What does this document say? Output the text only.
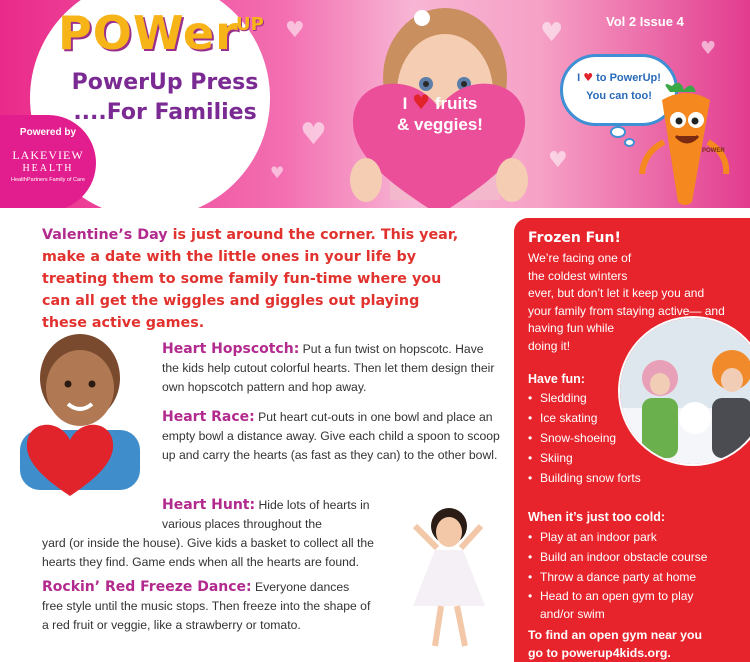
♥
♥
♥
♥
♥
♥
POWer
UP
PowerUp Press
....For Families
Powered by
LAKEVIEW
HEALTH
HealthPartners Family of Care
I ♥ fruits
& veggies!
Vol 2 Issue 4
I ♥ to PowerUp!
You can too!
POWER
Valentine’s Day is just around the corner. This year, make a date with the little ones in your life by treating them to some family fun-time where you can all get the wiggles and giggles out playing these active games.
Heart Hopscotch: Put a fun twist on hopscotc. Have the kids help cutout colorful hearts. Then let them design their own hopscotch pattern and hop away.
Heart Race: Put heart cut-outs in one bowl and place an empty bowl a distance away. Give each child a spoon to scoop up and carry the hearts (as fast as they can) to the other bowl.
Heart Hunt: Hide lots of hearts in various places throughout the
yard (or inside the house). Give kids a basket to collect all the hearts they find. Game ends when all the hearts are found.
Rockin’ Red Freeze Dance: Everyone dances free style until the music stops. Then freeze into the shape of a red fruit or veggie, like a strawberry or tomato.
Frozen Fun!
We’re facing one of
the coldest winters
ever, but don’t let it keep you and
your family from staying active— and
having fun while
doing it!
Have fun:
• Sledding
• Ice skating
• Snow-shoeing
• Skiing
• Building snow forts
When it’s just too cold:
• Play at an indoor park
• Build an indoor obstacle course
• Throw a dance party at home
• Head to an open gym to play and/or swim
To find an open gym near you
go to powerup4kids.org.
